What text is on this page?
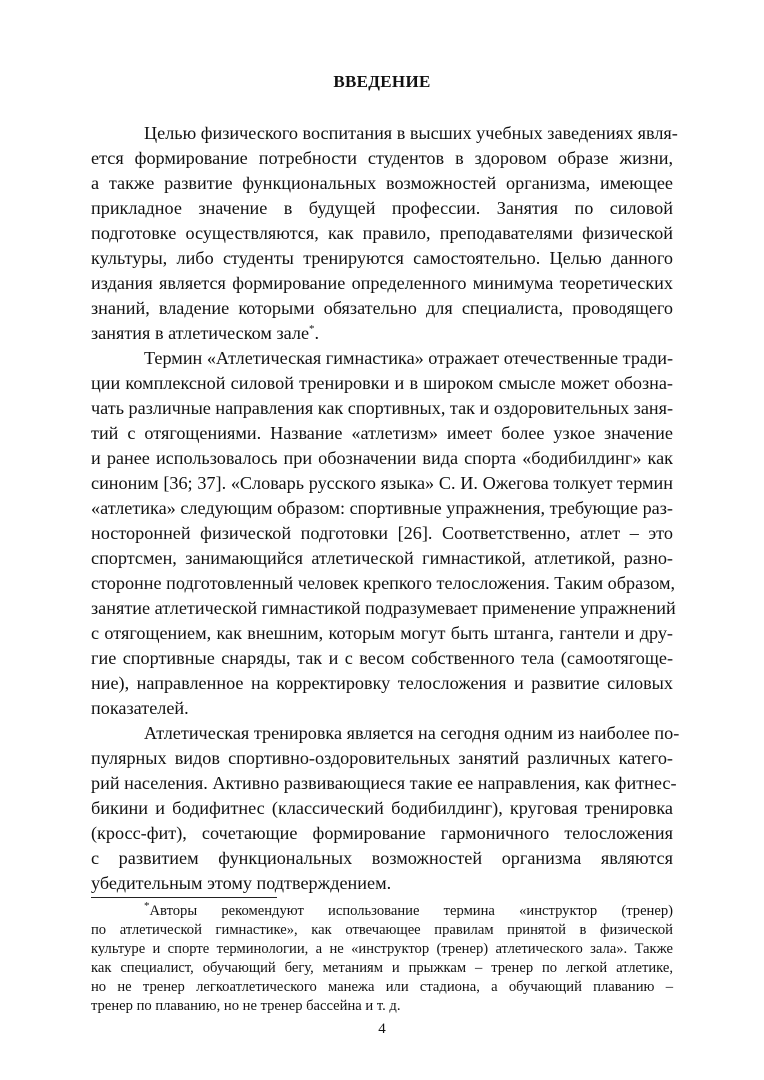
ВВЕДЕНИЕ
Целью физического воспитания в высших учебных заведениях явля-
ется формирование потребности студентов в здоровом образе жизни,
а также развитие функциональных возможностей организма, имеющее
прикладное значение в будущей профессии. Занятия по силовой
подготовке осуществляются, как правило, преподавателями физической
культуры, либо студенты тренируются самостоятельно. Целью данного
издания является формирование определенного минимума теоретических
знаний, владение которыми обязательно для специалиста, проводящего
занятия в атлетическом зале*.
Термин «Атлетическая гимнастика» отражает отечественные тради-
ции комплексной силовой тренировки и в широком смысле может обозна-
чать различные направления как спортивных, так и оздоровительных заня-
тий с отягощениями. Название «атлетизм» имеет более узкое значение
и ранее использовалось при обозначении вида спорта «бодибилдинг» как
синоним [36; 37]. «Словарь русского языка» С. И. Ожегова толкует термин
«атлетика» следующим образом: спортивные упражнения, требующие раз-
носторонней физической подготовки [26]. Соответственно, атлет – это
спортсмен, занимающийся атлетической гимнастикой, атлетикой, разно-
сторонне подготовленный человек крепкого телосложения. Таким образом,
занятие атлетической гимнастикой подразумевает применение упражнений
с отягощением, как внешним, которым могут быть штанга, гантели и дру-
гие спортивные снаряды, так и с весом собственного тела (самоотягоще-
ние), направленное на корректировку телосложения и развитие силовых
показателей.
Атлетическая тренировка является на сегодня одним из наиболее по-
пулярных видов спортивно-оздоровительных занятий различных катего-
рий населения. Активно развивающиеся такие ее направления, как фитнес-
бикини и бодифитнес (классический бодибилдинг), круговая тренировка
(кросс-фит), сочетающие формирование гармоничного телосложения
с развитием функциональных возможностей организма являются
убедительным этому подтверждением.
*Авторы рекомендуют использование термина «инструктор (тренер)
по атлетической гимнастике», как отвечающее правилам принятой в физической
культуре и спорте терминологии, а не «инструктор (тренер) атлетического зала». Также
как специалист, обучающий бегу, метаниям и прыжкам – тренер по легкой атлетике,
но не тренер легкоатлетического манежа или стадиона, а обучающий плаванию –
тренер по плаванию, но не тренер бассейна и т. д.
4
